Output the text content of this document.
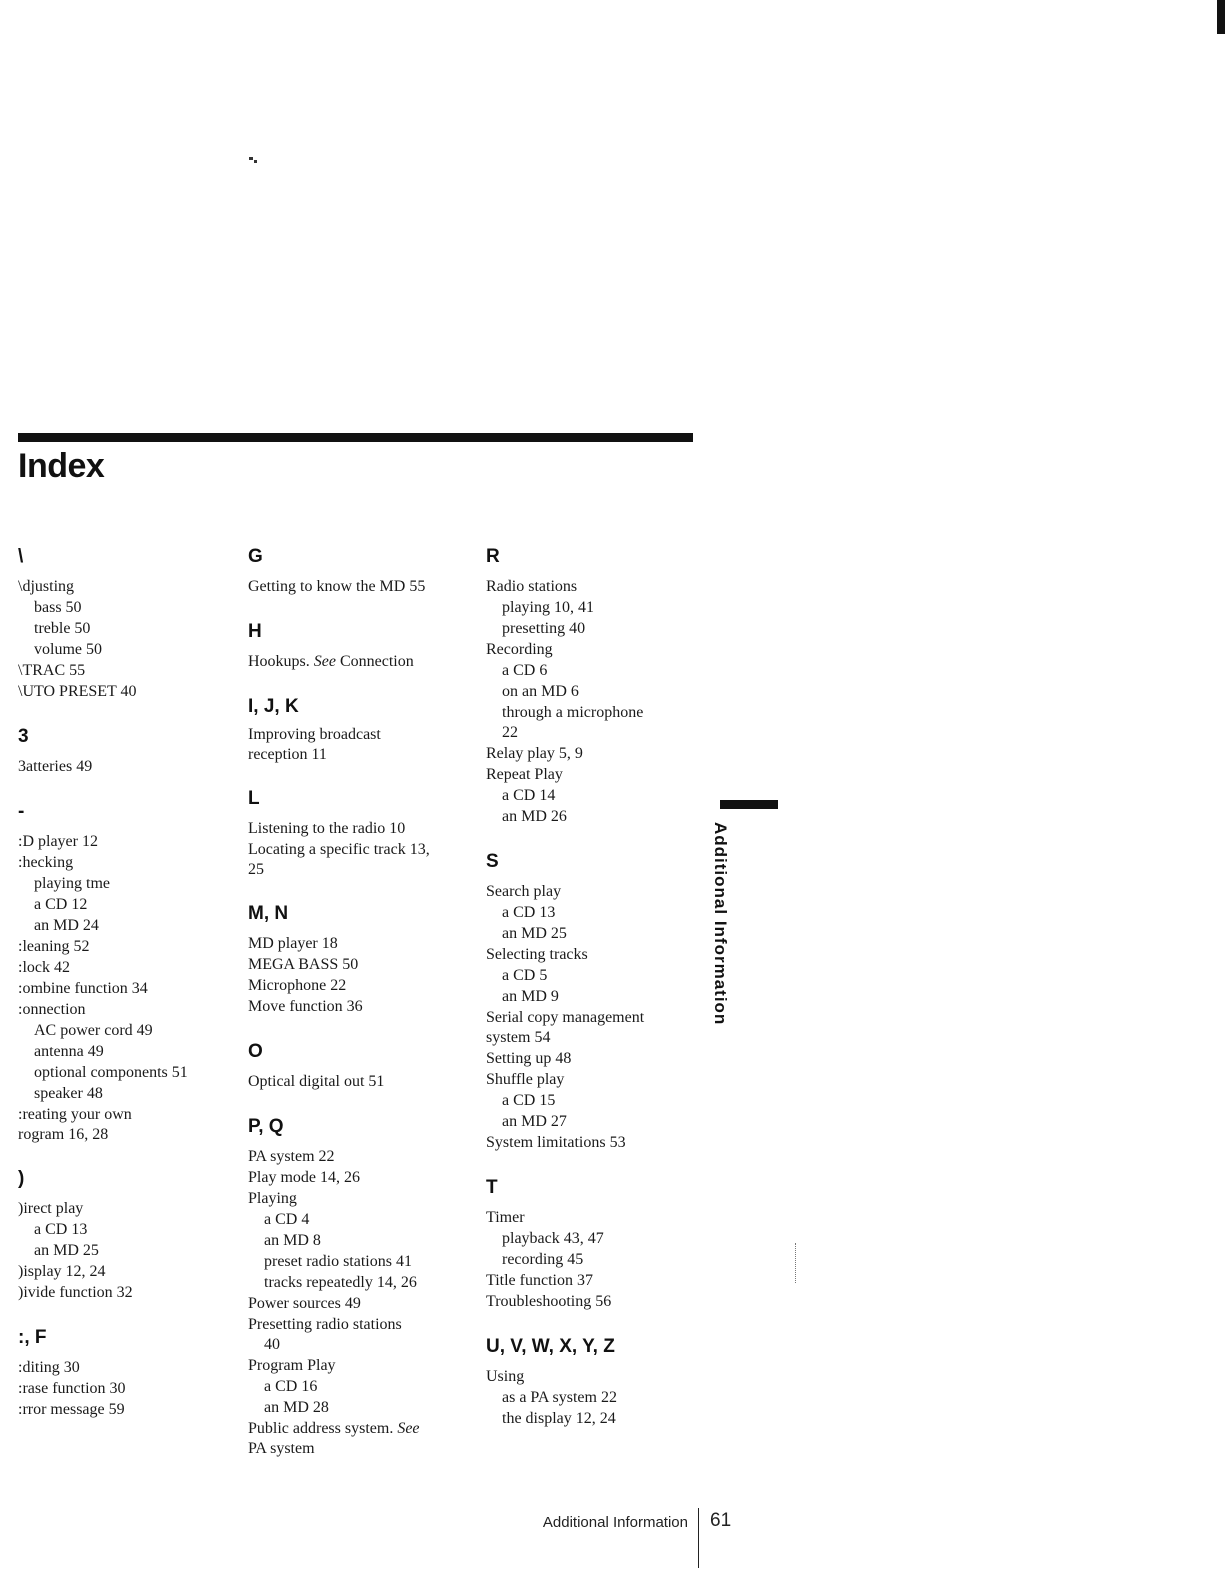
Index
\
\djusting
bass 50
treble 50
volume 50
\TRAC 55
\UTO PRESET 40
3
3atteries 49
-
:D player 12
:hecking
playing tme
a CD 12
an MD 24
:leaning 52
:lock 42
:ombine function 34
:onnection
AC power cord 49
antenna 49
optional components 51
speaker 48
:reating your own
rogram 16, 28
)
)irect play
a CD 13
an MD 25
)isplay 12, 24
)ivide function 32
:, F
:diting 30
:rase function 30
:rror message 59
G
Getting to know the MD 55
H
Hookups. See Connection
I, J, K
Improving broadcast
reception 11
L
Listening to the radio 10
Locating a specific track 13,
25
M, N
MD player 18
MEGA BASS 50
Microphone 22
Move function 36
O
Optical digital out 51
P, Q
PA system 22
Play mode 14, 26
Playing
a CD 4
an MD 8
preset radio stations 41
tracks repeatedly 14, 26
Power sources 49
Presetting radio stations
40
Program Play
a CD 16
an MD 28
Public address system. See
PA system
R
Radio stations
playing 10, 41
presetting 40
Recording
a CD 6
on an MD 6
through a microphone
22
Relay play 5, 9
Repeat Play
a CD 14
an MD 26
S
Search play
a CD 13
an MD 25
Selecting tracks
a CD 5
an MD 9
Serial copy management
system 54
Setting up 48
Shuffle play
a CD 15
an MD 27
System limitations 53
T
Timer
playback 43, 47
recording 45
Title function 37
Troubleshooting 56
U, V, W, X, Y, Z
Using
as a PA system 22
the display 12, 24
Additional Information
Additional Information 61
